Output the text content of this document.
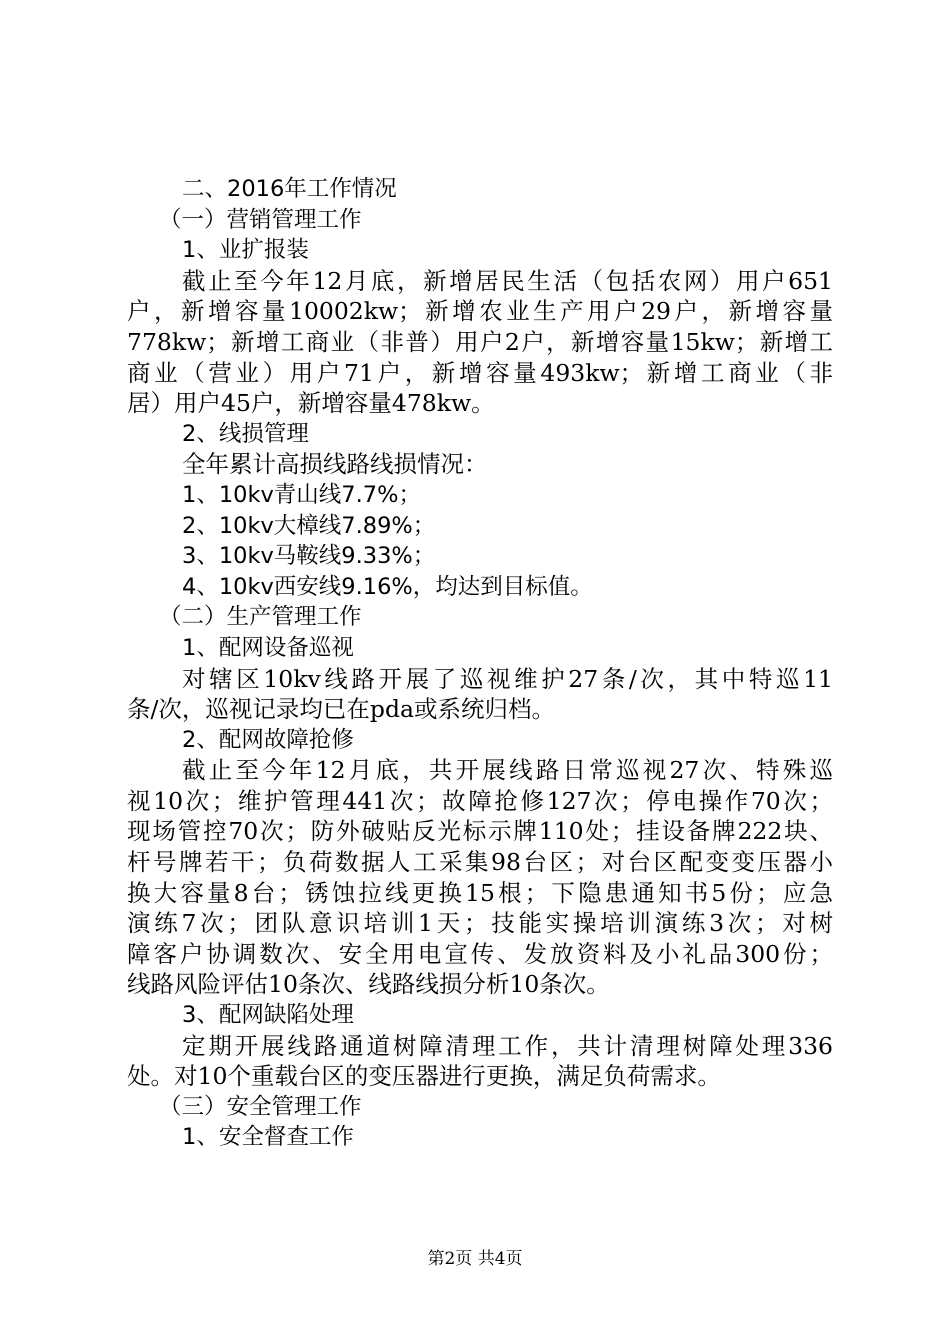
二、2016年工作情况
（一）营销管理工作
1、业扩报装
截止至今年12月底，新增居民生活（包括农网）用户651
户，新增容量10002kw；新增农业生产用户29户，新增容量
778kw；新增工商业（非普）用户2户，新增容量15kw；新增工
商业（营业）用户71户，新增容量493kw；新增工商业（非
居）用户45户，新增容量478kw。
2、线损管理
全年累计高损线路线损情况：
1、10kv青山线7.7%；
2、10kv大樟线7.89%；
3、10kv马鞍线9.33%；
4、10kv西安线9.16%，均达到目标值。
（二）生产管理工作
1、配网设备巡视
对辖区10kv线路开展了巡视维护27条/次，其中特巡11
条/次，巡视记录均已在pda或系统归档。
2、配网故障抢修
截止至今年12月底，共开展线路日常巡视27次、特殊巡
视10次；维护管理441次；故障抢修127次；停电操作70次；
现场管控70次；防外破贴反光标示牌110处；挂设备牌222块、
杆号牌若干；负荷数据人工采集98台区；对台区配变变压器小
换大容量8台；锈蚀拉线更换15根；下隐患通知书5份；应急
演练7次；团队意识培训1天；技能实操培训演练3次；对树
障客户协调数次、安全用电宣传、发放资料及小礼品300份；
线路风险评估10条次、线路线损分析10条次。
3、配网缺陷处理
定期开展线路通道树障清理工作，共计清理树障处理336
处。对10个重载台区的变压器进行更换，满足负荷需求。
（三）安全管理工作
1、安全督查工作
第2页 共4页
